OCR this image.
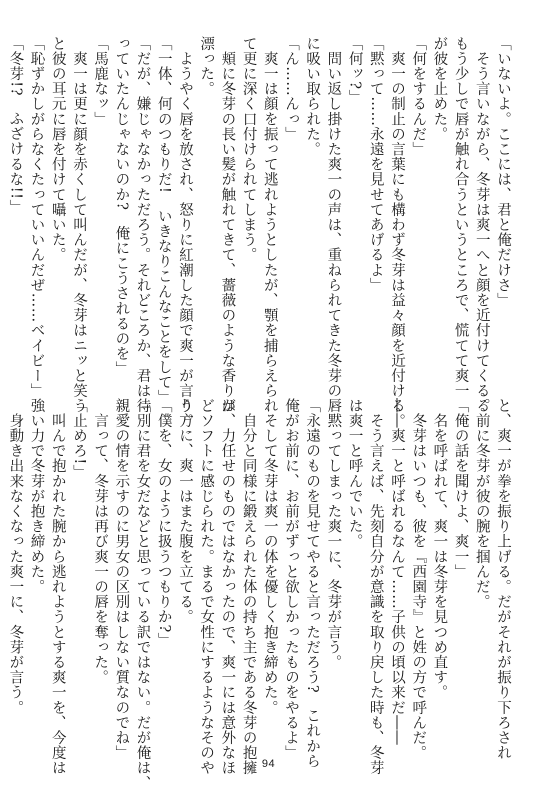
「いないよ。ここには、君と俺だけさ」

　そう言いながら、冬芽は爽一へと顔を近付けてくる。

もう少しで唇が触れ合うというところで、慌てて爽一

が彼を止めた。

「何をするんだ」

　爽一の制止の言葉にも構わず冬芽は益々顔を近付ける。

「黙って……永遠を見せてあげるよ」

「何ッ?」

　問い返し掛けた爽一の声は、重ねられてきた冬芽の唇

に吸い取られた。

「ん……んっ」

　爽一は顔を振って逃れようとしたが、顎を捕らえられ

て更に深く口付けられてしまう。

　頬に冬芽の長い髪が触れてきて、薔薇のような香りが

漂った。

　ようやく唇を放され、怒りに紅潮した顔で爽一が言う。

「一体、何のつもりだ!　いきなりこんなことをして」

「だが、嫌じゃなかっただろう。それどころか、君は待

っていたんじゃないのか?　俺にこうされるのを」

「馬鹿なッ」

　爽一は更に顔を赤くして叫んだが、冬芽はニッと笑う

と彼の耳元に唇を付けて囁いた。

「恥ずかしがらなくたっていいんだぜ……ベイビー」

「冬芽!?　ふざけるな!!」

と、爽一が拳を振り上げる。だがそれが振り下ろされ

る前に冬芽が彼の腕を掴んだ。

「俺の話を聞けよ、爽一」

　名を呼ばれて、爽一は冬芽を見つめ直す。

　冬芽はいつも、彼を『西園寺』と姓の方で呼んだ。

――爽一と呼ばれるなんて……子供の頃以来だ――

　そう言えば、先刻自分が意識を取り戻した時も、冬芽

は爽一と呼んでいた。

　黙ってしまった爽一に、冬芽が言う。

「永遠のものを見せてやると言っただろう?　これから

俺がお前に、お前がずっと欲しかったものをやるよ」

　そして冬芽は爽一の体を優しく抱き締めた。

　自分と同様に鍛えられた体の持ち主である冬芽の抱擁

は、力任せのものではなかったので、爽一には意外なほ

どソフトに感じられた。まるで女性にするようなそのや

り方に、爽一はまた腹を立てる。

「僕を、女のように扱うつもりか?」

「別に君を女だなどと思っている訳ではない。だが俺は、

親愛の情を示すのに男女の区別はしない質なのでね」

　言って、冬芽は再び爽一の唇を奪った。

「止めろ!」

　叫んで抱かれた腕から逃れようとする爽一を、今度は

強い力で冬芽が抱き締めた。

　身動き出来なくなった爽一に、冬芽が言う。

94
